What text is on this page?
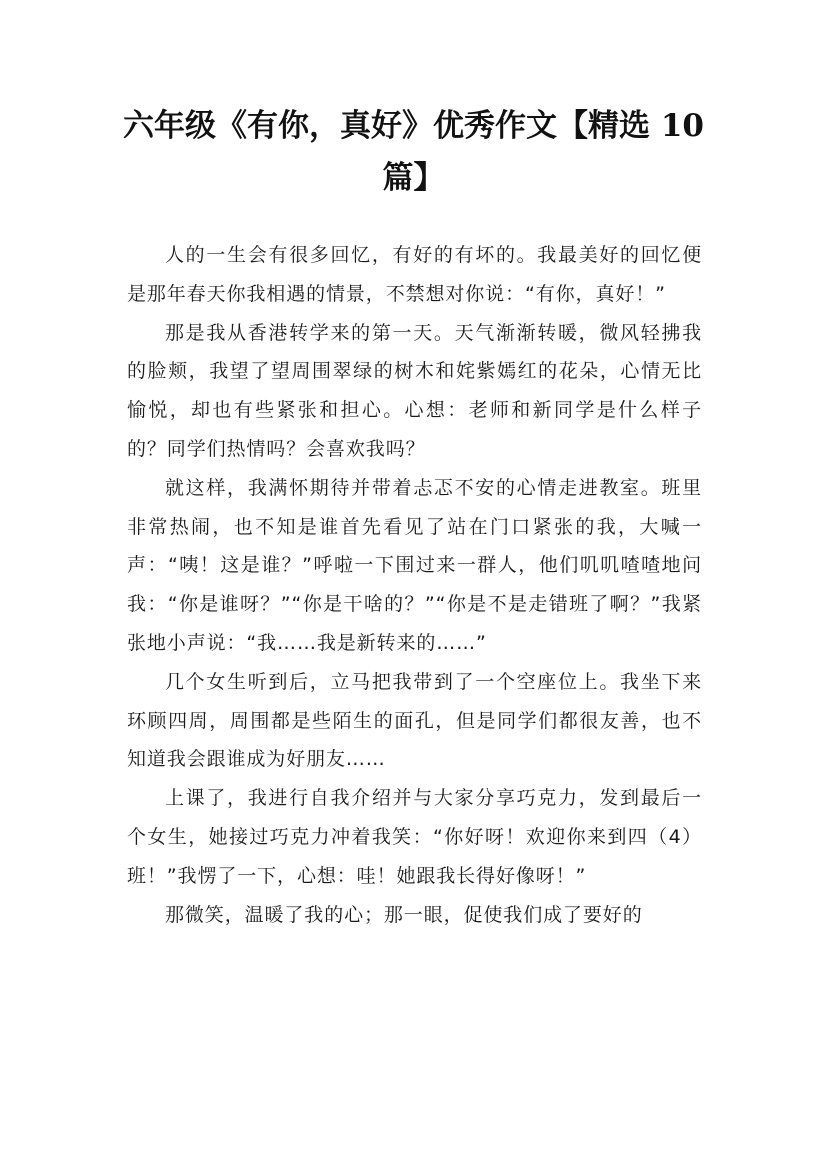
六年级《有你，真好》优秀作文【精选 10 篇】

人的一生会有很多回忆，有好的有坏的。我最美好的回忆便是那年春天你我相遇的情景，不禁想对你说：“有你，真好！”

那是我从香港转学来的第一天。天气渐渐转暖，微风轻拂我的脸颊，我望了望周围翠绿的树木和姹紫嫣红的花朵，心情无比愉悦，却也有些紧张和担心。心想：老师和新同学是什么样子的？同学们热情吗？会喜欢我吗？

就这样，我满怀期待并带着忐忑不安的心情走进教室。班里非常热闹，也不知是谁首先看见了站在门口紧张的我，大喊一声：“咦！这是谁？”呼啦一下围过来一群人，他们叽叽喳喳地问我：“你是谁呀？”“你是干啥的？”“你是不是走错班了啊？”我紧张地小声说：“我……我是新转来的……”

几个女生听到后，立马把我带到了一个空座位上。我坐下来环顾四周，周围都是些陌生的面孔，但是同学们都很友善，也不知道我会跟谁成为好朋友……

上课了，我进行自我介绍并与大家分享巧克力，发到最后一个女生，她接过巧克力冲着我笑：“你好呀！欢迎你来到四（4）班！”我愣了一下，心想：哇！她跟我长得好像呀！”

那微笑，温暖了我的心；那一眼，促使我们成了要好的
